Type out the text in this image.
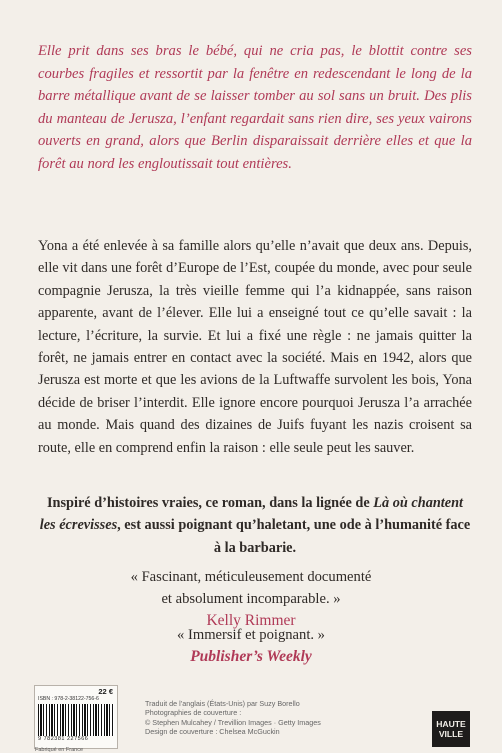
Elle prit dans ses bras le bébé, qui ne cria pas, le blottit contre ses courbes fragiles et ressortit par la fenêtre en redescendant le long de la barre métallique avant de se laisser tomber au sol sans un bruit. Des plis du manteau de Jerusza, l’enfant regardait sans rien dire, ses yeux vairons ouverts en grand, alors que Berlin disparaissait derrière elles et que la forêt au nord les engloutissait tout entières.
Yona a été enlevée à sa famille alors qu’elle n’avait que deux ans. Depuis, elle vit dans une forêt d’Europe de l’Est, coupée du monde, avec pour seule compagnie Jerusza, la très vieille femme qui l’a kidnappée, sans raison apparente, avant de l’élever. Elle lui a enseigné tout ce qu’elle savait : la lecture, l’écriture, la survie. Et lui a fixé une règle : ne jamais quitter la forêt, ne jamais entrer en contact avec la société. Mais en 1942, alors que Jerusza est morte et que les avions de la Luftwaffe survolent les bois, Yona décide de briser l’interdit. Elle ignore encore pourquoi Jerusza l’a arrachée au monde. Mais quand des dizaines de Juifs fuyant les nazis croisent sa route, elle en comprend enfin la raison : elle seule peut les sauver.
Inspiré d’histoires vraies, ce roman, dans la lignée de Là où chantent les écrevisses, est aussi poignant qu’haletant, une ode à l’humanité face à la barbarie.
« Fascinant, méticuleusement documenté
et absolument incomparable. »
Kelly Rimmer
« Immersif et poignant. »
Publisher’s Weekly
22 €
ISBN : 978-2-38122-756-6
9 782381 227566
Fabriqué en France
Traduit de l’anglais (États-Unis) par Suzy Borello
Photographies de couverture :
© Stephen Mulcahey / Trevillion Images · Getty Images
Design de couverture : Chelsea McGuckin
HAUTE
VILLE
